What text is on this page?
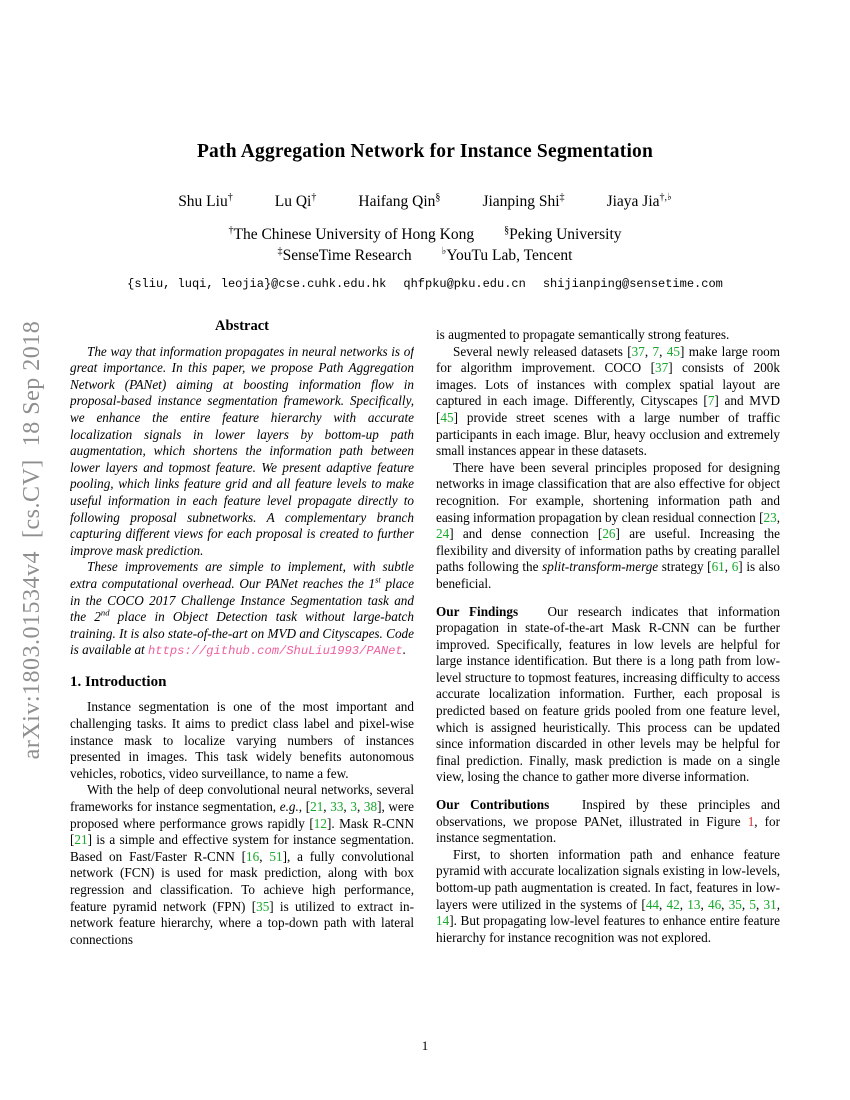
arXiv:1803.01534v4  [cs.CV]  18 Sep 2018
Path Aggregation Network for Instance Segmentation
Shu Liu†	Lu Qi†	Haifang Qin§	Jianping Shi‡	Jiaya Jia†,♭
†The Chinese University of Hong Kong	§Peking University
‡SenseTime Research	♭YouTu Lab, Tencent
{sliu, luqi, leojia}@cse.cuhk.edu.hk qhfpku@pku.edu.cn shijianping@sensetime.com
Abstract

The way that information propagates in neural networks is of great importance. In this paper, we propose Path Aggregation Network (PANet) aiming at boosting information flow in proposal-based instance segmentation framework. Specifically, we enhance the entire feature hierarchy with accurate localization signals in lower layers by bottom-up path augmentation, which shortens the information path between lower layers and topmost feature. We present adaptive feature pooling, which links feature grid and all feature levels to make useful information in each feature level propagate directly to following proposal subnetworks. A complementary branch capturing different views for each proposal is created to further improve mask prediction.

These improvements are simple to implement, with subtle extra computational overhead. Our PANet reaches the 1st place in the COCO 2017 Challenge Instance Segmentation task and the 2nd place in Object Detection task without large-batch training. It is also state-of-the-art on MVD and Cityscapes. Code is available at https://github.com/ShuLiu1993/PANet.

1. Introduction

Instance segmentation is one of the most important and challenging tasks. It aims to predict class label and pixel-wise instance mask to localize varying numbers of instances presented in images. This task widely benefits autonomous vehicles, robotics, video surveillance, to name a few.

With the help of deep convolutional neural networks, several frameworks for instance segmentation, e.g., [21, 33, 3, 38], were proposed where performance grows rapidly [12]. Mask R-CNN [21] is a simple and effective system for instance segmentation. Based on Fast/Faster R-CNN [16, 51], a fully convolutional network (FCN) is used for mask prediction, along with box regression and classification. To achieve high performance, feature pyramid network (FPN) [35] is utilized to extract in-network feature hierarchy, where a top-down path with lateral connections

is augmented to propagate semantically strong features.

Several newly released datasets [37, 7, 45] make large room for algorithm improvement. COCO [37] consists of 200k images. Lots of instances with complex spatial layout are captured in each image. Differently, Cityscapes [7] and MVD [45] provide street scenes with a large number of traffic participants in each image. Blur, heavy occlusion and extremely small instances appear in these datasets.

There have been several principles proposed for designing networks in image classification that are also effective for object recognition. For example, shortening information path and easing information propagation by clean residual connection [23, 24] and dense connection [26] are useful. Increasing the flexibility and diversity of information paths by creating parallel paths following the split-transform-merge strategy [61, 6] is also beneficial.

Our Findings   Our research indicates that information propagation in state-of-the-art Mask R-CNN can be further improved. Specifically, features in low levels are helpful for large instance identification. But there is a long path from low-level structure to topmost features, increasing difficulty to access accurate localization information. Further, each proposal is predicted based on feature grids pooled from one feature level, which is assigned heuristically. This process can be updated since information discarded in other levels may be helpful for final prediction. Finally, mask prediction is made on a single view, losing the chance to gather more diverse information.

Our Contributions   Inspired by these principles and observations, we propose PANet, illustrated in Figure 1, for instance segmentation.

First, to shorten information path and enhance feature pyramid with accurate localization signals existing in low-levels, bottom-up path augmentation is created. In fact, features in low-layers were utilized in the systems of [44, 42, 13, 46, 35, 5, 31, 14]. But propagating low-level features to enhance entire feature hierarchy for instance recognition was not explored.

1
